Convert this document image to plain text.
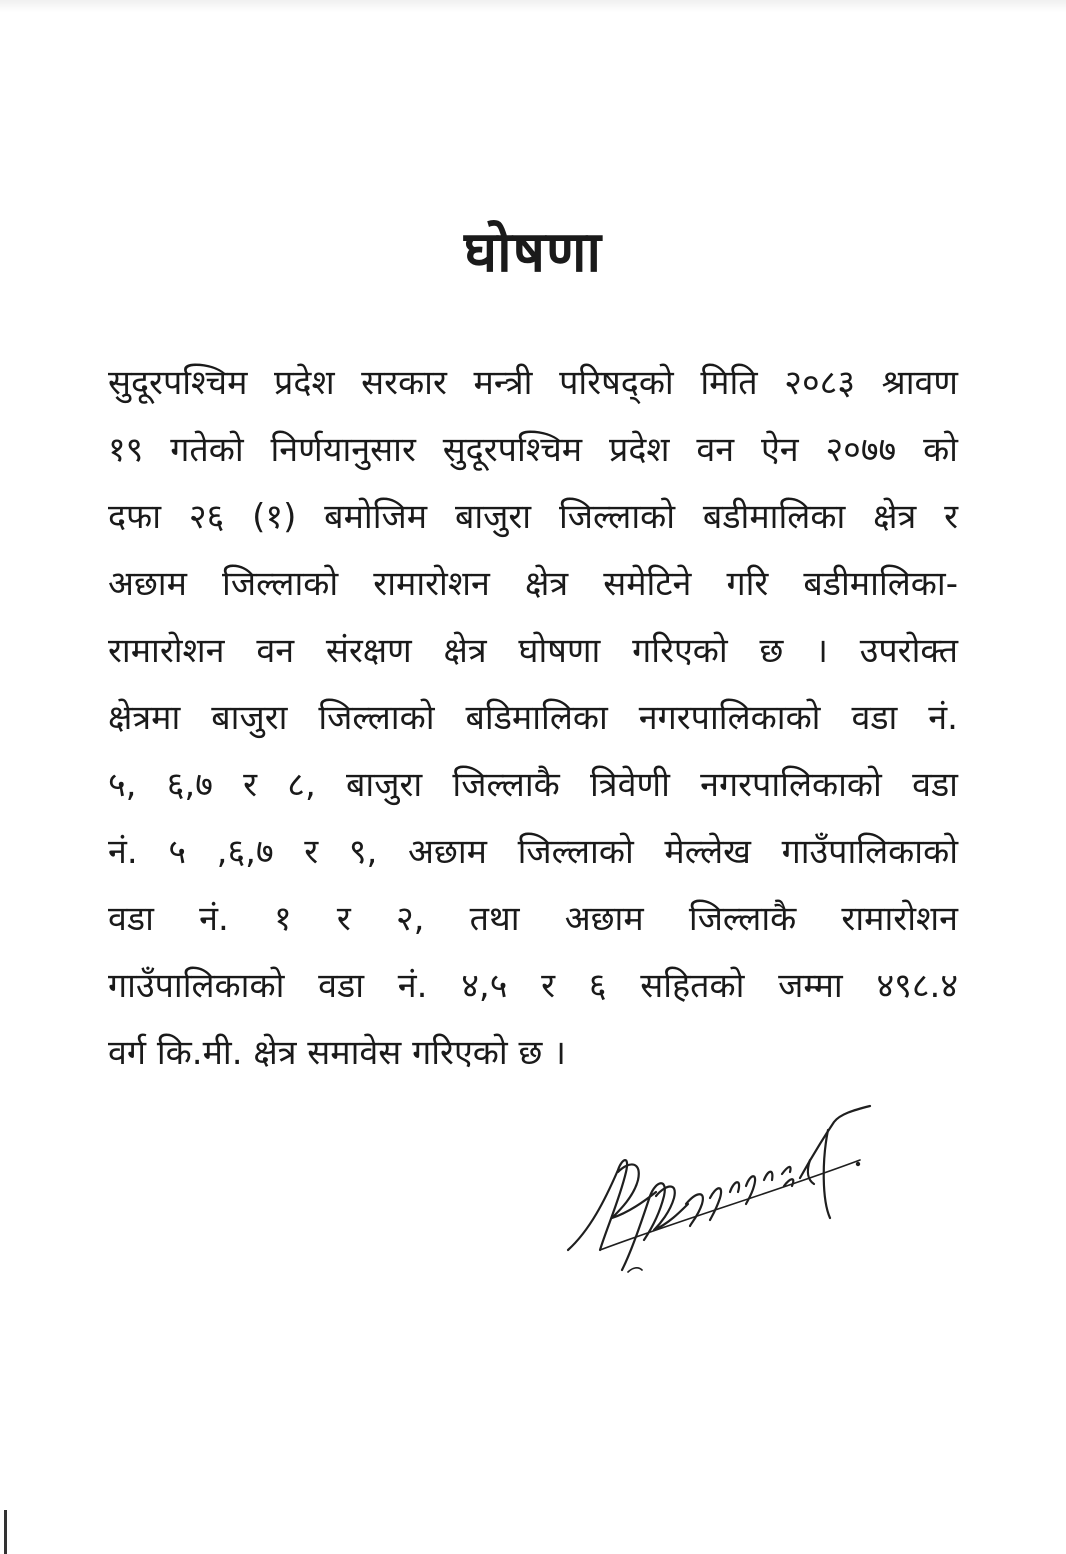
घोषणा
सुदूरपश्चिम प्रदेश सरकार मन्त्री परिषद्को मिति २०८३ श्रावण
१९ गतेको निर्णयानुसार सुदूरपश्चिम प्रदेश वन ऐन २०७७ को
दफा २६ (१) बमोजिम बाजुरा जिल्लाको बडीमालिका क्षेत्र र
अछाम जिल्लाको रामारोशन क्षेत्र समेटिने गरि बडीमालिका-
रामारोशन वन संरक्षण क्षेत्र घोषणा गरिएको छ । उपरोक्त
क्षेत्रमा बाजुरा जिल्लाको बडिमालिका नगरपालिकाको वडा नं.
५, ६,७ र ८, बाजुरा जिल्लाकै त्रिवेणी नगरपालिकाको वडा
नं. ५ ,६,७ र ९, अछाम जिल्लाको मेल्लेख गाउँपालिकाको
वडा नं. १ र २, तथा अछाम जिल्लाकै रामारोशन
गाउँपालिकाको वडा नं. ४,५ र ६ सहितको जम्मा ४९८.४
वर्ग कि.मी. क्षेत्र समावेस गरिएको छ ।
